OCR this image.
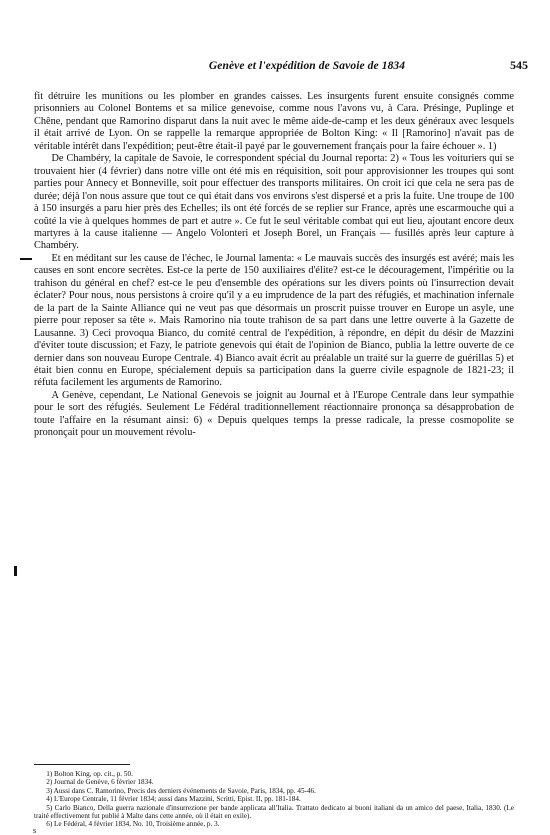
Genève et l'expédition de Savoie de 1834	545

fit détruire les munitions ou les plomber en grandes caisses. Les insurgents furent ensuite consignés comme prisonniers au Colonel Bontems et sa milice genevoise, comme nous l'avons vu, à Cara. Présinge, Puplinge et Chêne, pendant que Ramorino disparut dans la nuit avec le même aide-de-camp et les deux généraux avec lesquels il était arrivé de Lyon. On se rappelle la remarque appropriée de Bolton King: « Il [Ramorino] n'avait pas de véritable intérêt dans l'expédition; peut-être était-il payé par le gouvernement français pour la faire échouer ». 1)

De Chambéry, la capitale de Savoie, le correspondent spécial du Journal reporta: 2) « Tous les voituriers qui se trouvaient hier (4 février) dans notre ville ont été mis en réquisition, soit pour approvisionner les troupes qui sont parties pour Annecy et Bonneville, soit pour effectuer des transports militaires. On croit ici que cela ne sera pas de durée; déjà l'on nous assure que tout ce qui était dans vos environs s'est dispersé et a pris la fuite. Une troupe de 100 à 150 insurgés a paru hier près des Echelles; ils ont été forcés de se replier sur France, après une escarmouche qui a coûté la vie à quelques hommes de part et autre ». Ce fut le seul véritable combat qui eut lieu, ajoutant encore deux martyres à la cause italienne — Angelo Volonteri et Joseph Borel, un Français — fusillés après leur capture à Chambéry.

Et en méditant sur les cause de l'échec, le Journal lamenta: « Le mauvais succès des insurgés est avéré; mais les causes en sont encore secrètes. Est-ce la perte de 150 auxiliaires d'élite? est-ce le découragement, l'impéritie ou la trahison du général en chef? est-ce le peu d'ensemble des opérations sur les divers points où l'insurrection devait éclater? Pour nous, nous persistons à croire qu'il y a eu imprudence de la part des réfugiés, et machination infernale de la part de la Sainte Alliance qui ne veut pas que désormais un proscrit puisse trouver en Europe un asyle, une pierre pour reposer sa tête ». Mais Ramorino nia toute trahison de sa part dans une lettre ouverte à la Gazette de Lausanne. 3) Ceci provoqua Bianco, du comité central de l'expédition, à répondre, en dépit du désir de Mazzini d'éviter toute discussion; et Fazy, le patriote genevois qui était de l'opinion de Bianco, publia la lettre ouverte de ce dernier dans son nouveau Europe Centrale. 4) Bianco avait écrit au préalable un traité sur la guerre de guérillas 5) et était bien connu en Europe, spécialement depuis sa participation dans la guerre civile espagnole de 1821-23; il réfuta facilement les arguments de Ramorino.

A Genève, cependant, Le National Genevois se joignit au Journal et à l'Europe Centrale dans leur sympathie pour le sort des réfugiés. Seulement Le Fédéral traditionnellement réactionnaire prononça sa désapprobation de toute l'affaire en la résumant ainsi: 6) « Depuis quelques temps la presse radicale, la presse cosmopolite se prononçait pour un mouvement révolu-

1) Bolton King, op. cit., p. 50.

2) Journal de Genève, 6 février 1834.

3) Aussi dans C. Ramorino, Precis des derniers événements de Savoie, Paris, 1834, pp. 45-46.

4) L'Europe Centrale, 11 février 1834; aussi dans Mazzini, Scritti, Epist. II, pp. 181-184.

5) Carlo Bianco, Della guerra nazionale d'insurrezione per bande applicata all'Italia. Trattato dedicato ai buoni italiani da un amico del paese, Italia, 1830. (Le traité effectivement fut publié à Malte dans cette année, où il était en exile).

6) Le Fédéral, 4 février 1834, No. 10, Troisième année, p. 3.

s
